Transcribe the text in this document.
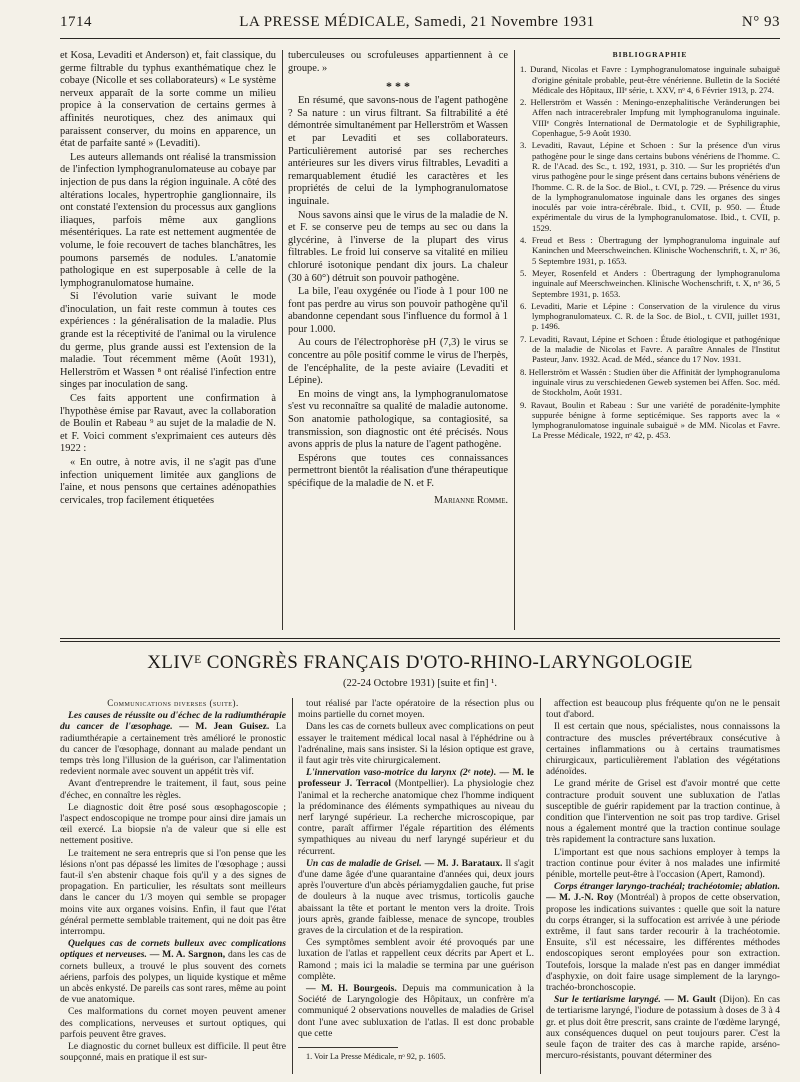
1714	LA PRESSE MÉDICALE, Samedi, 21 Novembre 1931	N° 93

et Kosa, Levaditi et Anderson) et, fait classique, du germe filtrable du typhus exanthématique chez le cobaye (Nicolle et ses collaborateurs) « Le système nerveux apparaît de la sorte comme un milieu propice à la conservation de certains germes à affinités neurotiques, chez des animaux qui paraissent conserver, du moins en apparence, un état de parfaite santé » (Levaditi).

Les auteurs allemands ont réalisé la transmission de l'infection lymphogranulomateuse au cobaye par injection de pus dans la région inguinale. A côté des altérations locales, hypertrophie ganglionnaire, ils ont constaté l'extension du processus aux ganglions iliaques, parfois même aux ganglions mésentériques. La rate est nettement augmentée de volume, le foie recouvert de taches blanchâtres, les poumons parsemés de nodules. L'anatomie pathologique en est superposable à celle de la lymphogranulomatose humaine.

Si l'évolution varie suivant le mode d'inoculation, un fait reste commun à toutes ces expériences : la généralisation de la maladie. Plus grande est la réceptivité de l'animal ou la virulence du germe, plus grande aussi est l'extension de la maladie. Tout récemment même (Août 1931), Hellerström et Wassen ⁸ ont réalisé l'infection entre singes par inoculation de sang.

Ces faits apportent une confirmation à l'hypothèse émise par Ravaut, avec la collaboration de Boulin et Rabeau ⁹ au sujet de la maladie de N. et F. Voici comment s'exprimaient ces auteurs dès 1922 :

« En outre, à notre avis, il ne s'agit pas d'une infection uniquement limitée aux ganglions de l'aine, et nous pensons que certaines adénopathies cervicales, trop facilement étiquetées

tuberculeuses ou scrofuleuses appartiennent à ce groupe. »

* * *

En résumé, que savons-nous de l'agent pathogène ? Sa nature : un virus filtrant. Sa filtrabilité a été démontrée simultanément par Hellerström et Wassen et par Levaditi et ses collaborateurs. Particulièrement autorisé par ses recherches antérieures sur les divers virus filtrables, Levaditi a remarquablement étudié les caractères et les propriétés de celui de la lymphogranulomatose inguinale.

Nous savons ainsi que le virus de la maladie de N. et F. se conserve peu de temps au sec ou dans la glycérine, à l'inverse de la plupart des virus filtrables. Le froid lui conserve sa vitalité en milieu chloruré isotonique pendant dix jours. La chaleur (30 à 60°) détruit son pouvoir pathogène.

La bile, l'eau oxygénée ou l'iode à 1 pour 100 ne font pas perdre au virus son pouvoir pathogène qu'il abandonne cependant sous l'influence du formol à 1 pour 1.000.

Au cours de l'électrophorèse pH (7,3) le virus se concentre au pôle positif comme le virus de l'herpès, de l'encéphalite, de la peste aviaire (Levaditi et Lépine).

En moins de vingt ans, la lymphogranulomatose s'est vu reconnaître sa qualité de maladie autonome. Son anatomie pathologique, sa contagiosité, sa transmission, son diagnostic ont été précisés. Nous avons appris de plus la nature de l'agent pathogène.

Espérons que toutes ces connaissances permettront bientôt la réalisation d'une thérapeutique spécifique de la maladie de N. et F.

Marianne Romme.
BIBLIOGRAPHIE
1. Durand, Nicolas et Favre : Lymphogranulomatose inguinale subaiguë d'origine génitale probable, peut-être vénérienne. Bulletin de la Société Médicale des Hôpitaux, IIIᵉ série, t. XXV, nᵒ 4, 6 Février 1913, p. 274.
2. Hellerström et Wassén : Meningo-enzephalitische Veränderungen bei Affen nach intracerebraler Impfung mit lymphogranuloma inguinale. VIIIᵉ Congrès International de Dermatologie et de Syphiligraphie, Copenhague, 5-9 Août 1930.
3. Levaditi, Ravaut, Lépine et Schoen : Sur la présence d'un virus pathogène pour le singe dans certains bubons vénériens de l'homme. C. R. de l'Acad. des Sc., t. 192, 1931, p. 310. — Sur les propriétés d'un virus pathogène pour le singe présent dans certains bubons vénériens de l'homme. C. R. de la Soc. de Biol., t. CVI, p. 729. — Présence du virus de la lymphogranulomatose inguinale dans les organes des singes inoculés par voie intra-cérébrale. Ibid., t. CVII, p. 950. — Étude expérimentale du virus de la lymphogranulomatose. Ibid., t. CVII, p. 1529.
4. Freud et Bess : Übertragung der lymphogranuloma inguinale auf Kaninchen und Meerschweinchen. Klinische Wochenschrift, t. X, nᵒ 36, 5 Septembre 1931, p. 1653.
5. Meyer, Rosenfeld et Anders : Übertragung der lymphogranuloma inguinale auf Meerschweinchen. Klinische Wochenschrift, t. X, nᵒ 36, 5 Septembre 1931, p. 1653.
6. Levaditi, Marie et Lépine : Conservation de la virulence du virus lymphogranulomateux. C. R. de la Soc. de Biol., t. CVII, juillet 1931, p. 1496.
7. Levaditi, Ravaut, Lépine et Schoen : Étude étiologique et pathogénique de la maladie de Nicolas et Favre. A paraître Annales de l'Institut Pasteur, Janv. 1932. Acad. de Méd., séance du 17 Nov. 1931.
8. Hellerström et Wassén : Studien über die Affinität der lymphogranuloma inguinale virus zu verschiedenen Geweb systemen bei Affen. Soc. méd. de Stockholm, Août 1931.
9. Ravaut, Boulin et Rabeau : Sur une variété de poradénite-lymphite suppurée bénigne à forme septicémique. Ses rapports avec la « lymphogranulomatose inguinale subaiguë » de MM. Nicolas et Favre. La Presse Médicale, 1922, nᵒ 42, p. 453.
XLIVᴱ CONGRÈS FRANÇAIS D'OTO-RHINO-LARYNGOLOGIE
(22-24 Octobre 1931) [suite et fin] ¹.

Communications diverses (suite).

Les causes de réussite ou d'échec de la radiumthérapie du cancer de l'œsophage. — M. Jean Guisez. La radiumthérapie a certainement très amélioré le pronostic du cancer de l'œsophage, donnant au malade pendant un temps très long l'illusion de la guérison, car l'alimentation redevient normale avec souvent un appétit très vif.

Avant d'entreprendre le traitement, il faut, sous peine d'échec, en connaître les règles.

Le diagnostic doit être posé sous œsophagoscopie ; l'aspect endoscopique ne trompe pour ainsi dire jamais un œil exercé. La biopsie n'a de valeur que si elle est nettement positive.

Le traitement ne sera entrepris que si l'on pense que les lésions n'ont pas dépassé les limites de l'œsophage ; aussi faut-il s'en abstenir chaque fois qu'il y a des signes de propagation. En particulier, les résultats sont meilleurs dans le cancer du 1/3 moyen qui semble se propager moins vite aux organes voisins. Enfin, il faut que l'état général permette semblable traitement, qui ne doit pas être interrompu.

Quelques cas de cornets bulleux avec complications optiques et nerveuses. — M. A. Sargnon, dans les cas de cornets bulleux, a trouvé le plus souvent des cornets aériens, parfois des polypes, un liquide kystique et même un abcès enkysté. De pareils cas sont rares, même au point de vue anatomique.

Ces malformations du cornet moyen peuvent amener des complications, nerveuses et surtout optiques, qui parfois peuvent être graves.

Le diagnostic du cornet bulleux est difficile. Il peut être soupçonné, mais en pratique il est sur-

tout réalisé par l'acte opératoire de la résection plus ou moins partielle du cornet moyen.

Dans les cas de cornets bulleux avec complications on peut essayer le traitement médical local nasal à l'éphédrine ou à l'adrénaline, mais sans insister. Si la lésion optique est grave, il faut agir très vite chirurgicalement.

L'innervation vaso-motrice du larynx (2ᵉ note). — M. le professeur J. Terracol (Montpellier). La physiologie chez l'animal et la recherche anatomique chez l'homme indiquent la prédominance des éléments sympathiques au niveau du nerf laryngé supérieur. La recherche microscopique, par contre, paraît affirmer l'égale répartition des éléments sympathiques au niveau du nerf laryngé supérieur et du récurrent.

Un cas de maladie de Grisel. — M. J. Barataux. Il s'agit d'une dame âgée d'une quarantaine d'années qui, deux jours après l'ouverture d'un abcès périamygdalien gauche, fut prise de douleurs à la nuque avec trismus, torticolis gauche abaissant la tête et portant le menton vers la droite. Trois jours après, grande faiblesse, menace de syncope, troubles graves de la circulation et de la respiration.

Ces symptômes semblent avoir été provoqués par une luxation de l'atlas et rappellent ceux décrits par Apert et L. Ramond ; mais ici la maladie se termina par une guérison complète.

— M. H. Bourgeois. Depuis ma communication à la Société de Laryngologie des Hôpitaux, un confrère m'a communiqué 2 observations nouvelles de maladies de Grisel dont l'une avec subluxation de l'atlas. Il est donc probable que cette

1. Voir La Presse Médicale, nᵒ 92, p. 1605.

affection est beaucoup plus fréquente qu'on ne le pensait tout d'abord.

Il est certain que nous, spécialistes, nous connaissons la contracture des muscles prévertébraux consécutive à certaines inflammations ou à certains traumatismes chirurgicaux, particulièrement l'ablation des végétations adénoïdes.

Le grand mérite de Grisel est d'avoir montré que cette contracture produit souvent une subluxation de l'atlas susceptible de guérir rapidement par la traction continue, à condition que l'intervention ne soit pas trop tardive. Grisel nous a également montré que la traction continue soulage très rapidement la contracture sans luxation.

L'important est que nous sachions employer à temps la traction continue pour éviter à nos malades une infirmité pénible, mortelle peut-être à l'occasion (Apert, Ramond).

Corps étranger laryngo-trachéal; trachéotomie; ablation. — M. J.-N. Roy (Montréal) à propos de cette observation, propose les indications suivantes : quelle que soit la nature du corps étranger, si la suffocation est arrivée à une période extrême, il faut sans tarder recourir à la trachéotomie. Ensuite, s'il est nécessaire, les différentes méthodes endoscopiques seront employées pour son extraction. Toutefois, lorsque la malade n'est pas en danger immédiat d'asphyxie, on doit faire usage simplement de la laryngo-trachéo-bronchoscopie.

Sur le tertiarisme laryngé. — M. Gault (Dijon). En cas de tertiarisme laryngé, l'iodure de potassium à doses de 3 à 4 gr. et plus doit être prescrit, sans crainte de l'œdème laryngé, aux conséquences duquel on peut toujours parer. C'est la seule façon de traiter des cas à marche rapide, arséno-mercuro-résistants, pouvant déterminer des
